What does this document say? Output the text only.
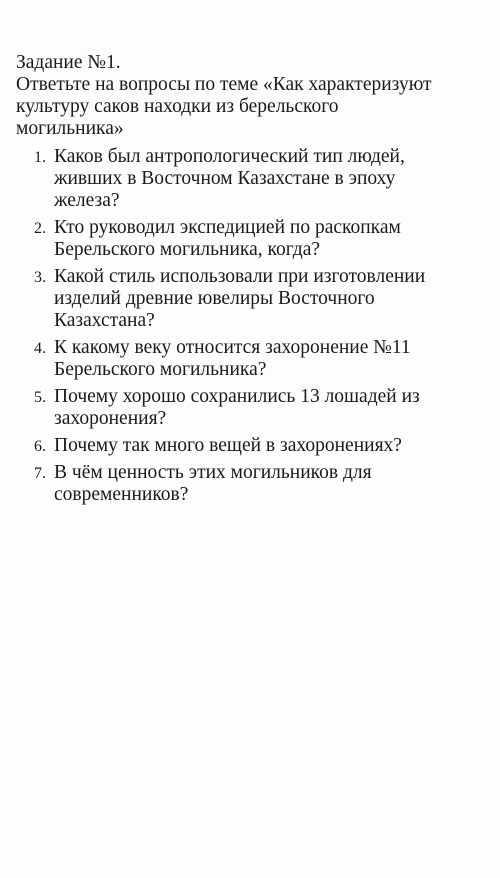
Задание №1.

Ответьте на вопросы по теме «Как характеризуют

культуру саков находки из берельского

могильника»

1. Каков был антропологический тип людей,
живших в Восточном Казахстане в эпоху
железа?
2. Кто руководил экспедицией по раскопкам
Берельского могильника, когда?
3. Какой стиль использовали при изготовлении
изделий древние ювелиры Восточного
Казахстана?
4. К какому веку относится захоронение №11
Берельского могильника?
5. Почему хорошо сохранились 13 лошадей из
захоронения?
6. Почему так много вещей в захоронениях?
7. В чём ценность этих могильников для
современников?
